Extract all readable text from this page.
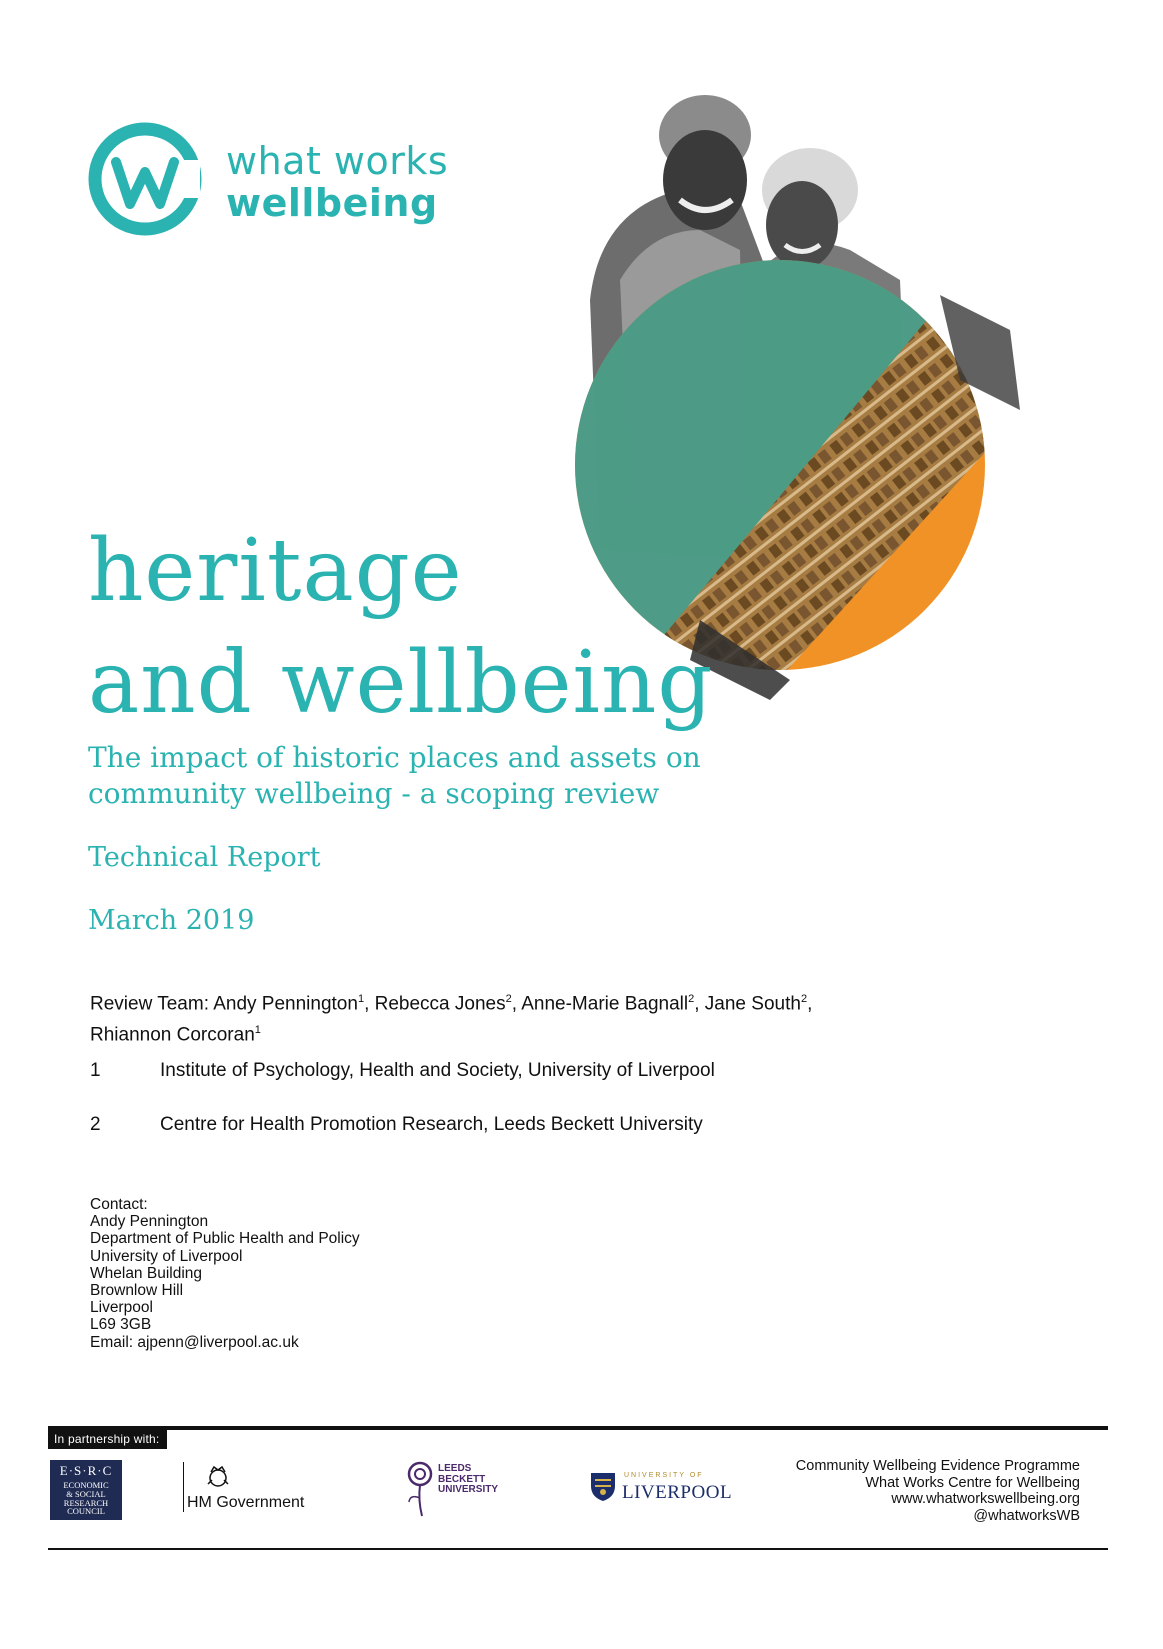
what works
wellbeing
heritage
and wellbeing
The impact of historic places and assets on
community wellbeing - a scoping review
Technical Report
March 2019
Review Team: Andy Pennington$^1$, Rebecca Jones$^2$, Anne-Marie Bagnall$^2$, Jane South$^2$,
Rhiannon Corcoran$^1$
1	Institute of Psychology, Health and Society, University of Liverpool
2	Centre for Health Promotion Research, Leeds Beckett University
Contact:
Andy Pennington
Department of Public Health and Policy
University of Liverpool
Whelan Building
Brownlow Hill
Liverpool
L69 3GB
Email: ajpenn@liverpool.ac.uk
In partnership with:
E·S·R·C
ECONOMIC
& SOCIAL
RESEARCH
COUNCIL
HM Government
LEEDS
BECKETT
UNIVERSITY
UNIVERSITY OF
LIVERPOOL
Community Wellbeing Evidence Programme
What Works Centre for Wellbeing
www.whatworkswellbeing.org
@whatworksWB
